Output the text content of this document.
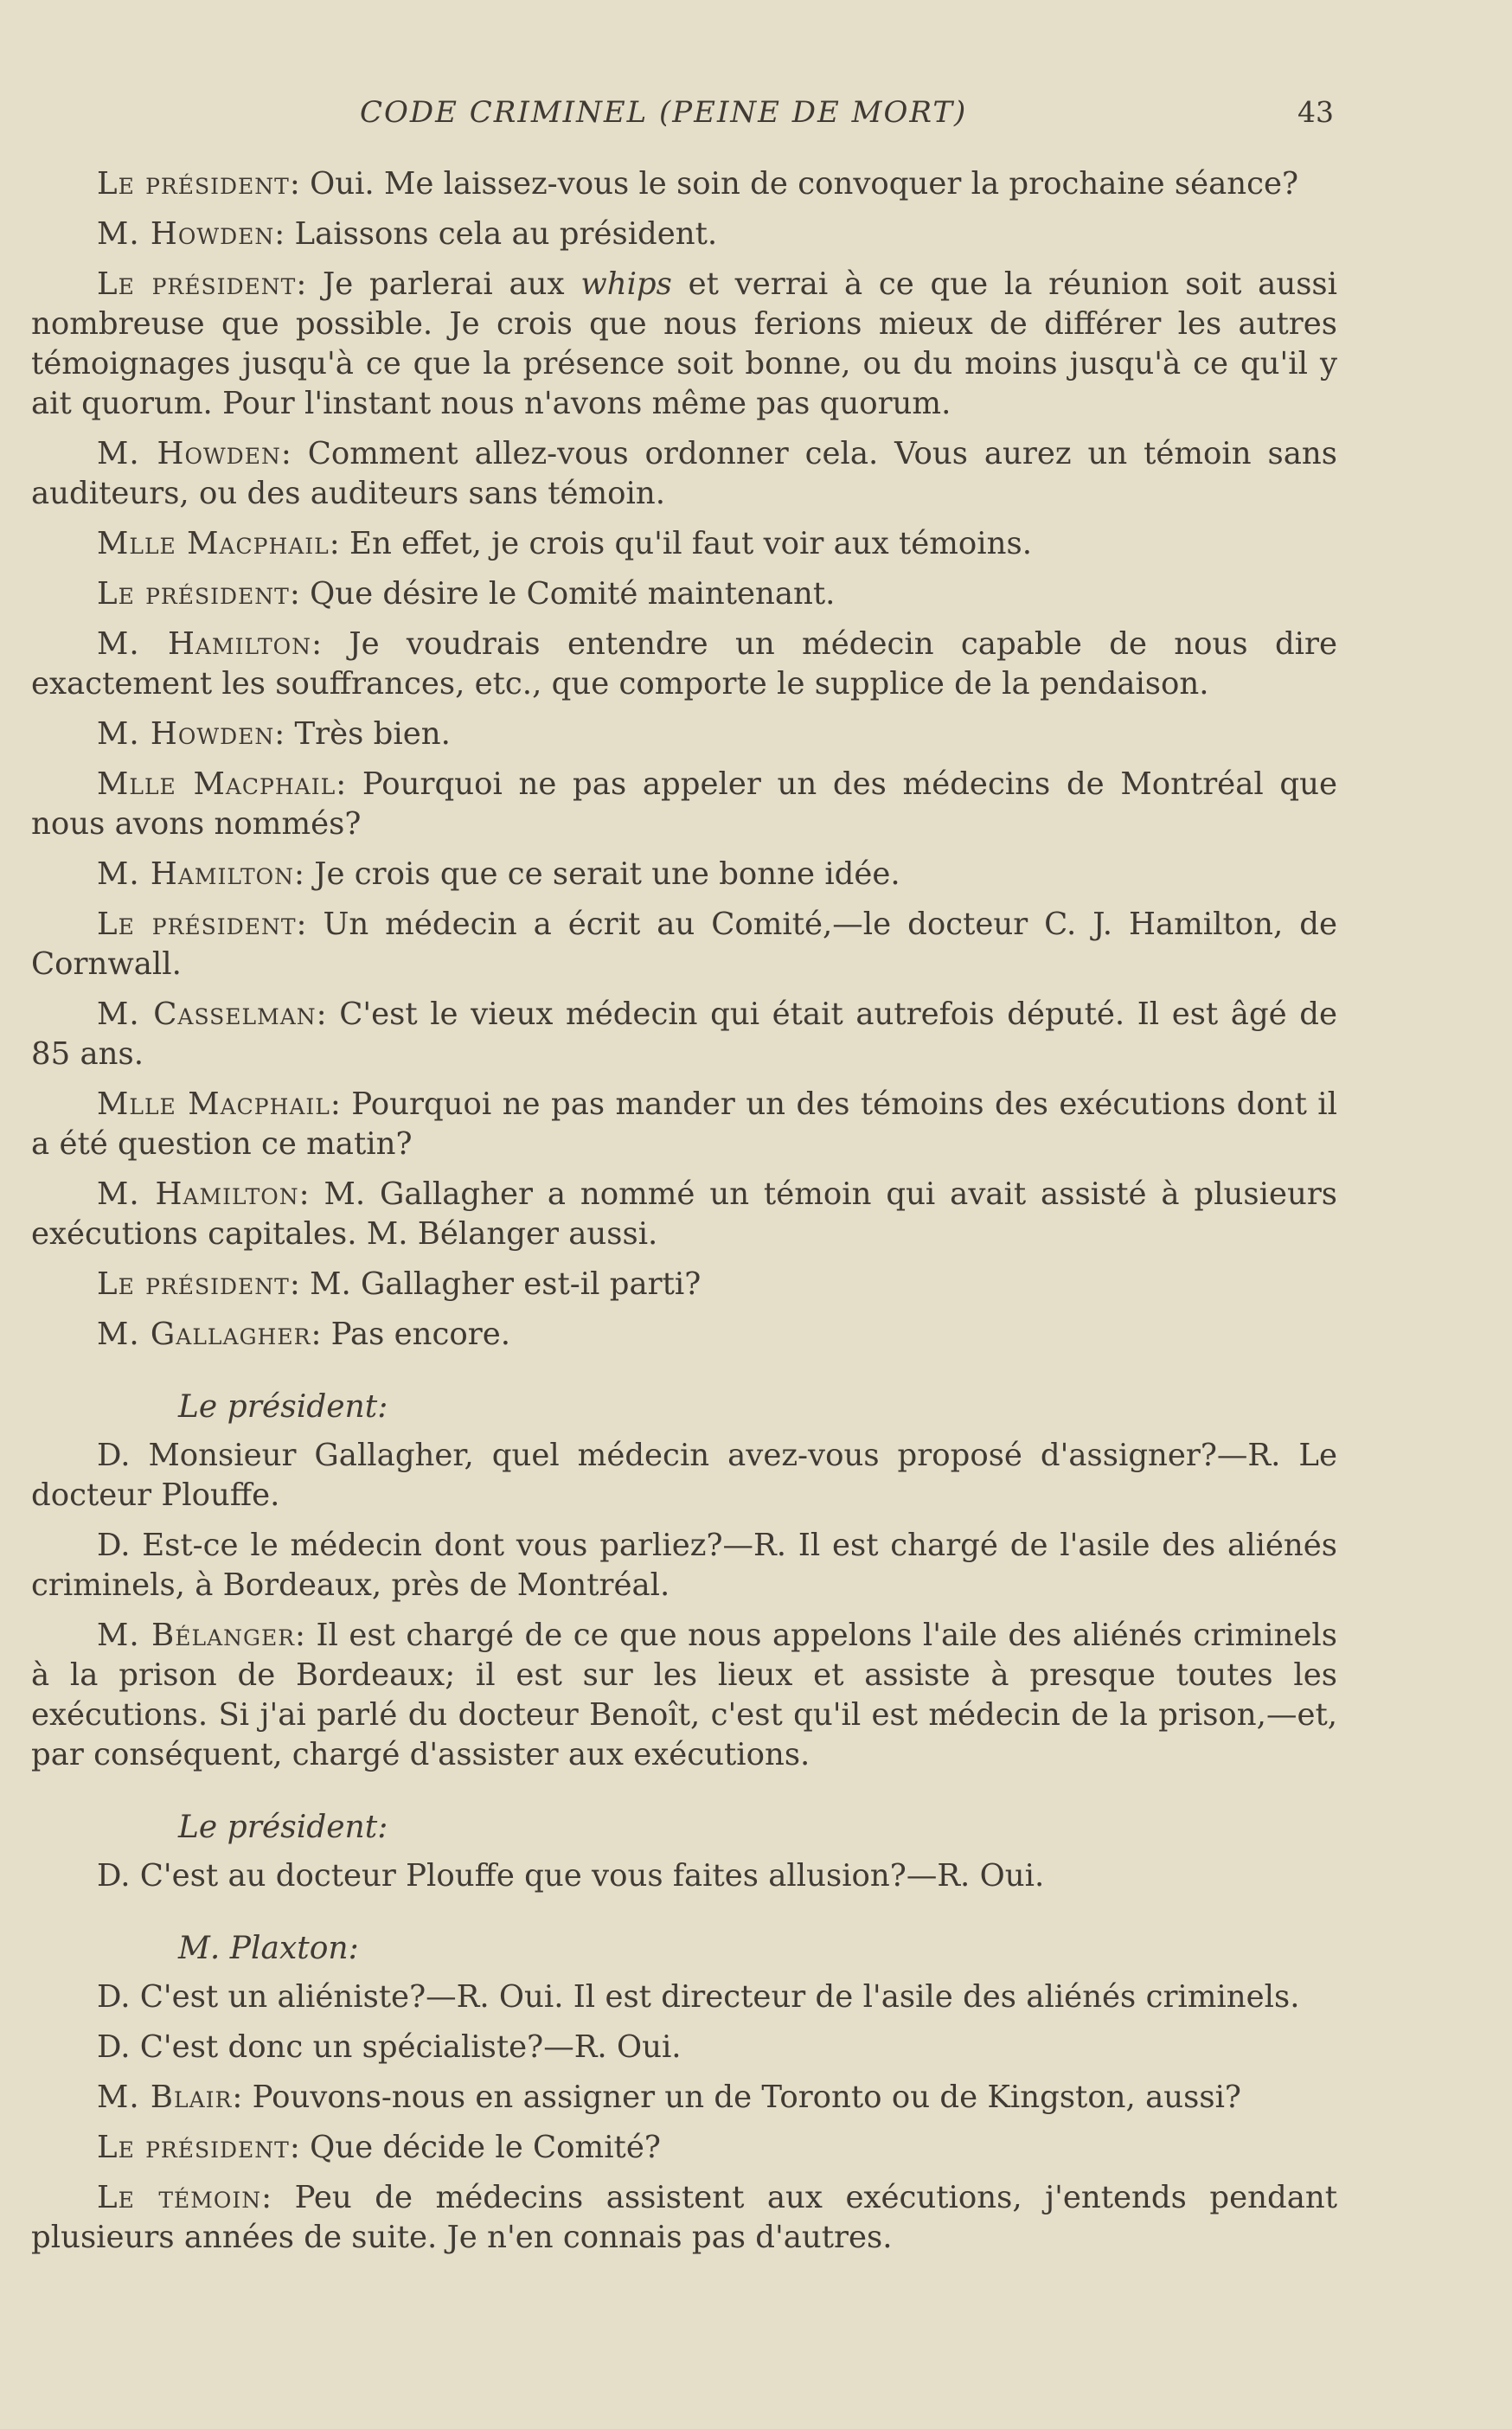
CODE CRIMINEL (PEINE DE MORT)	43

Le président: Oui. Me laissez-vous le soin de convoquer la prochaine séance?

M. Howden: Laissons cela au président.

Le président: Je parlerai aux whips et verrai à ce que la réunion soit aussi nombreuse que possible. Je crois que nous ferions mieux de différer les autres témoignages jusqu'à ce que la présence soit bonne, ou du moins jusqu'à ce qu'il y ait quorum. Pour l'instant nous n'avons même pas quorum.

M. Howden: Comment allez-vous ordonner cela. Vous aurez un témoin sans auditeurs, ou des auditeurs sans témoin.

Mlle Macphail: En effet, je crois qu'il faut voir aux témoins.

Le président: Que désire le Comité maintenant.

M. Hamilton: Je voudrais entendre un médecin capable de nous dire exactement les souffrances, etc., que comporte le supplice de la pendaison.

M. Howden: Très bien.

Mlle Macphail: Pourquoi ne pas appeler un des médecins de Montréal que nous avons nommés?

M. Hamilton: Je crois que ce serait une bonne idée.

Le président: Un médecin a écrit au Comité,—le docteur C. J. Hamilton, de Cornwall.

M. Casselman: C'est le vieux médecin qui était autrefois député. Il est âgé de 85 ans.

Mlle Macphail: Pourquoi ne pas mander un des témoins des exécutions dont il a été question ce matin?

M. Hamilton: M. Gallagher a nommé un témoin qui avait assisté à plusieurs exécutions capitales. M. Bélanger aussi.

Le président: M. Gallagher est-il parti?

M. Gallagher: Pas encore.

Le président:

D. Monsieur Gallagher, quel médecin avez-vous proposé d'assigner?—R. Le docteur Plouffe.

D. Est-ce le médecin dont vous parliez?—R. Il est chargé de l'asile des aliénés criminels, à Bordeaux, près de Montréal.

M. Bélanger: Il est chargé de ce que nous appelons l'aile des aliénés criminels à la prison de Bordeaux; il est sur les lieux et assiste à presque toutes les exécutions. Si j'ai parlé du docteur Benoît, c'est qu'il est médecin de la prison,—et, par conséquent, chargé d'assister aux exécutions.

Le président:

D. C'est au docteur Plouffe que vous faites allusion?—R. Oui.

M. Plaxton:

D. C'est un aliéniste?—R. Oui. Il est directeur de l'asile des aliénés criminels.

D. C'est donc un spécialiste?—R. Oui.

M. Blair: Pouvons-nous en assigner un de Toronto ou de Kingston, aussi?

Le président: Que décide le Comité?

Le témoin: Peu de médecins assistent aux exécutions, j'entends pendant plusieurs années de suite. Je n'en connais pas d'autres.
